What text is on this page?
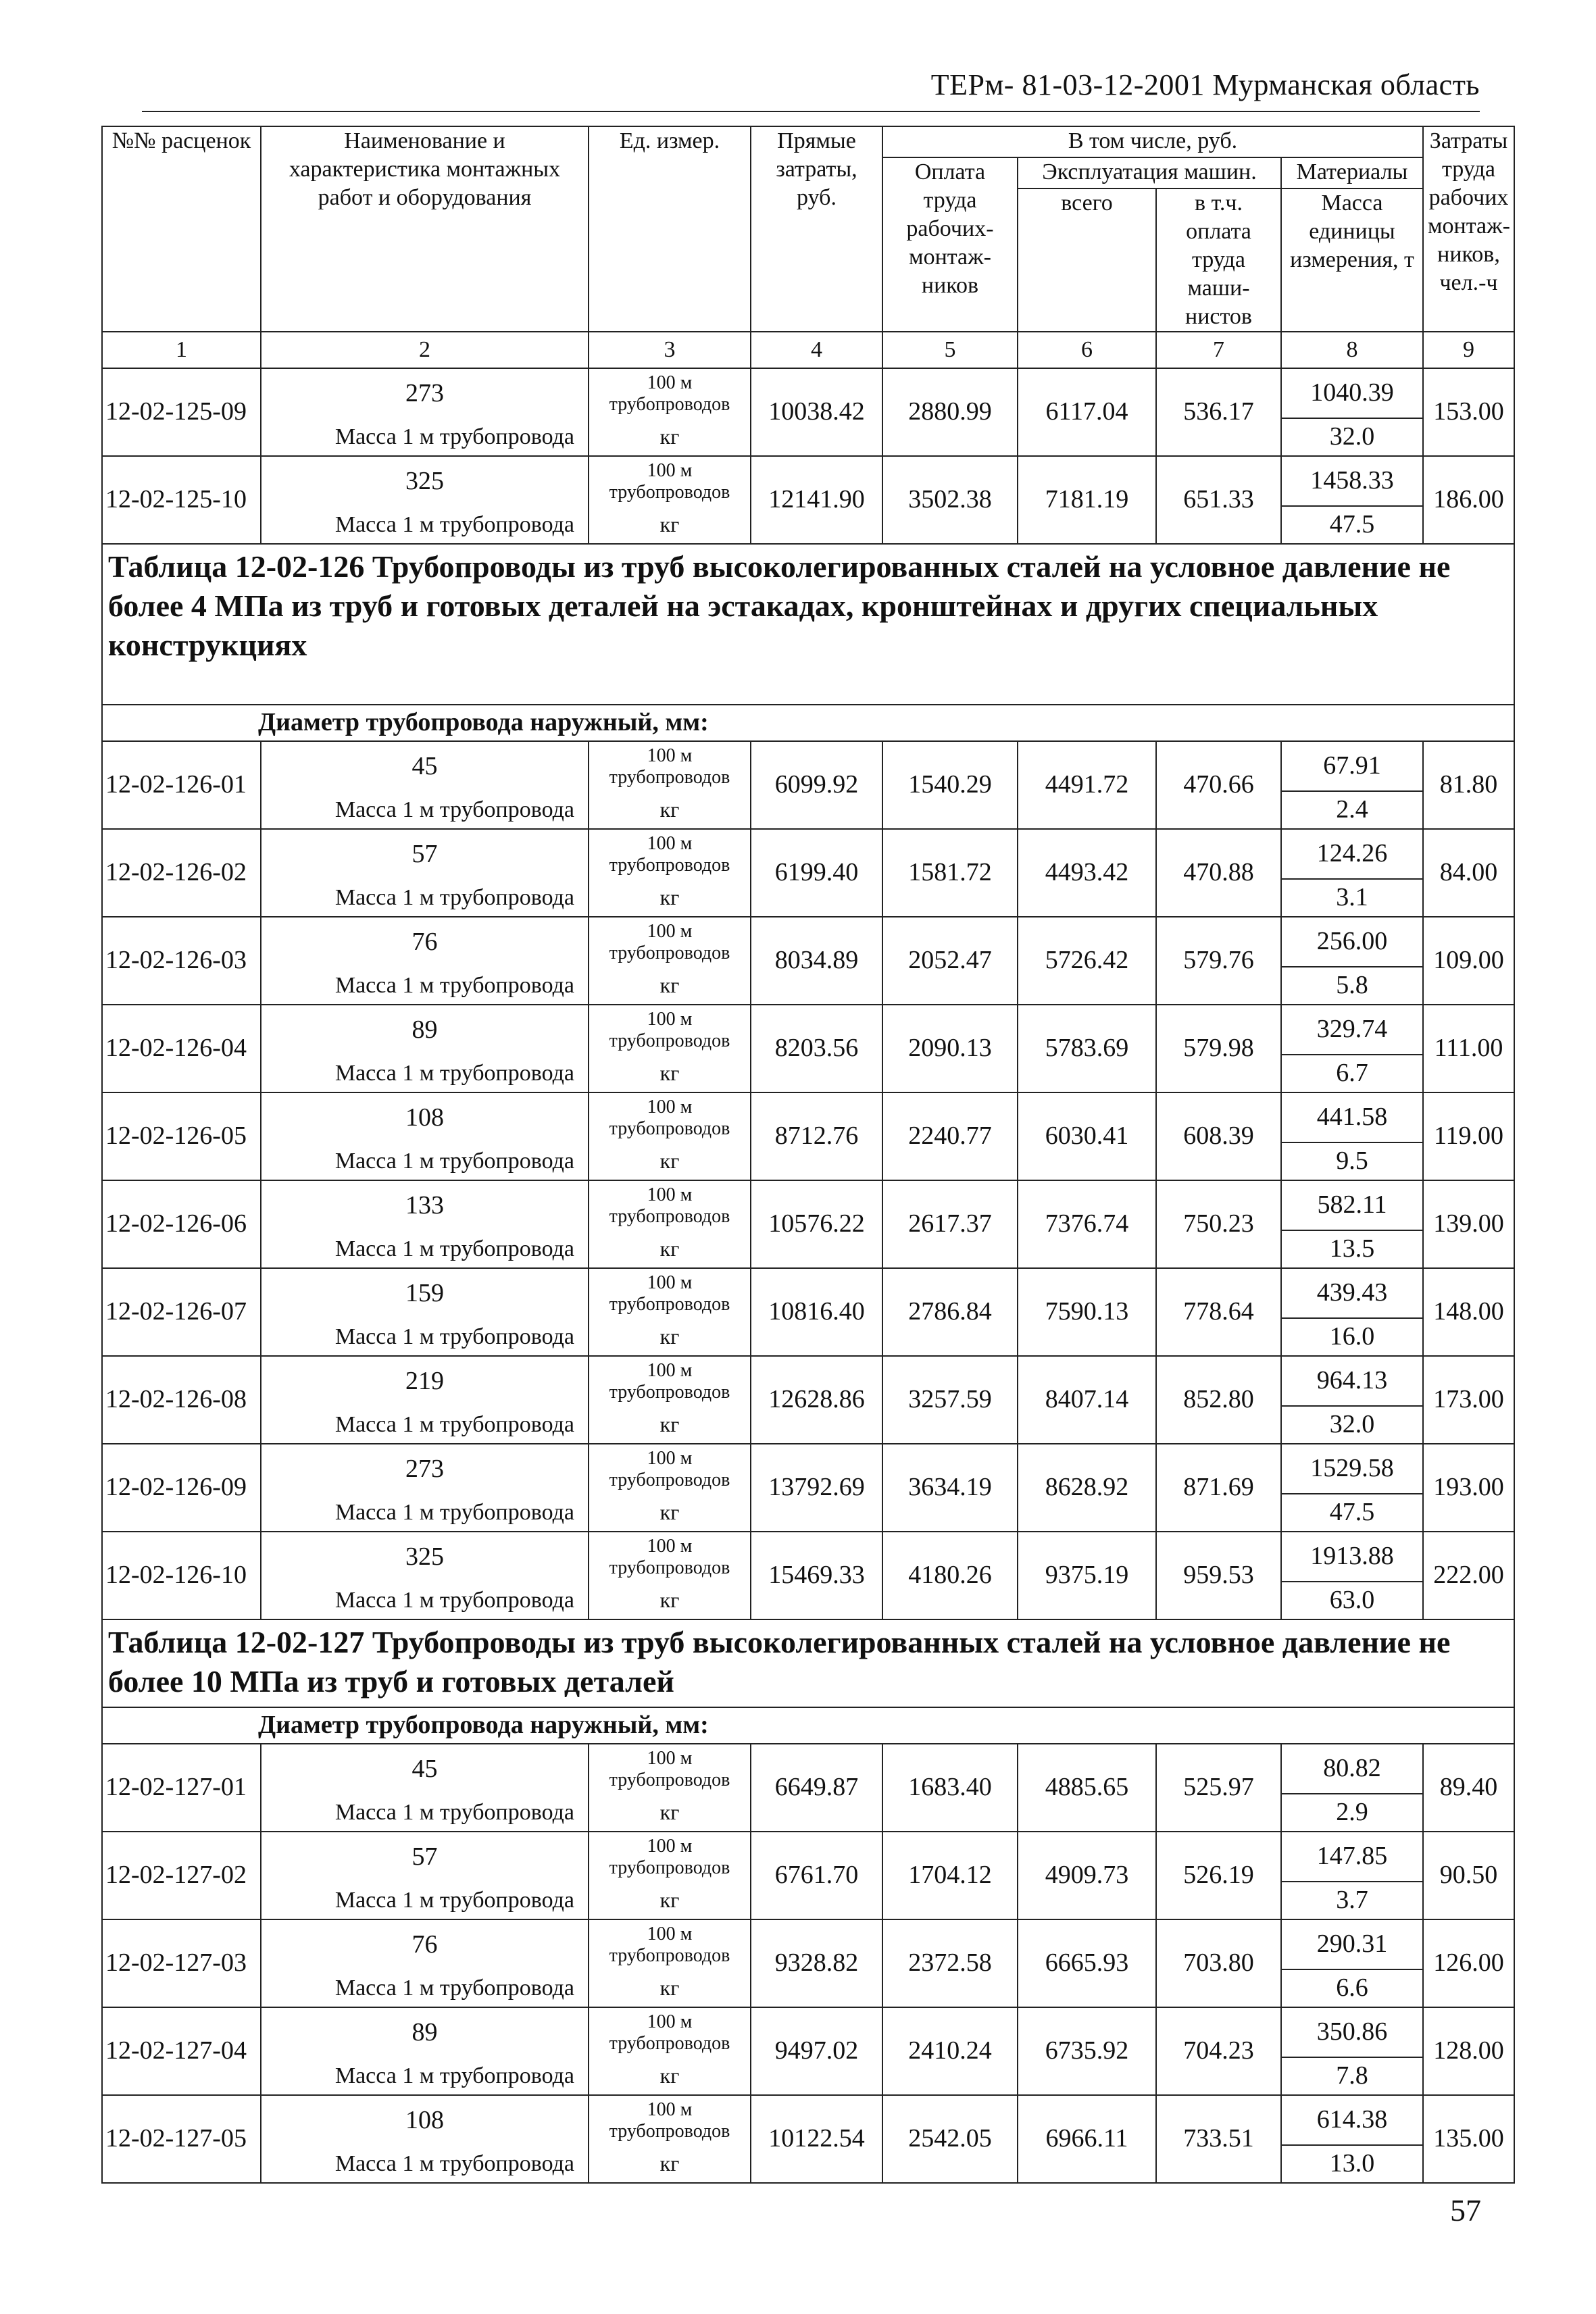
ТЕРм- 81-03-12-2001 Мурманская область
№№ расценок	Наименование и характеристика монтажных работ и оборудования	Ед. измер.	Прямые затраты, руб.	В том числе, руб.				Затраты труда рабочих монтаж-ников, чел.-ч
				Оплата труда рабочих-монтаж-ников	Эксплуатация машин.		Материалы	
					всего	в т.ч. оплата труда маши-нистов	Масса единицы измерения, т	
1	2	3	4	5	6	7	8	9
12-02-125-09	273	100 м трубопроводов	10038.42	2880.99	6117.04	536.17	1040.39	153.00
	Масса 1 м трубопровода	кг					32.0	
12-02-125-10	325	100 м трубопроводов	12141.90	3502.38	7181.19	651.33	1458.33	186.00
	Масса 1 м трубопровода	кг					47.5	
Таблица 12-02-126 Трубопроводы из труб высоколегированных сталей на условное давление не более 4 МПа из труб и готовых деталей на эстакадах, кронштейнах и других специальных конструкциях								
Диаметр трубопровода наружный, мм:								
12-02-126-01	45	100 м трубопроводов	6099.92	1540.29	4491.72	470.66	67.91	81.80
	Масса 1 м трубопровода	кг					2.4	
12-02-126-02	57	100 м трубопроводов	6199.40	1581.72	4493.42	470.88	124.26	84.00
	Масса 1 м трубопровода	кг					3.1	
12-02-126-03	76	100 м трубопроводов	8034.89	2052.47	5726.42	579.76	256.00	109.00
	Масса 1 м трубопровода	кг					5.8	
12-02-126-04	89	100 м трубопроводов	8203.56	2090.13	5783.69	579.98	329.74	111.00
	Масса 1 м трубопровода	кг					6.7	
12-02-126-05	108	100 м трубопроводов	8712.76	2240.77	6030.41	608.39	441.58	119.00
	Масса 1 м трубопровода	кг					9.5	
12-02-126-06	133	100 м трубопроводов	10576.22	2617.37	7376.74	750.23	582.11	139.00
	Масса 1 м трубопровода	кг					13.5	
12-02-126-07	159	100 м трубопроводов	10816.40	2786.84	7590.13	778.64	439.43	148.00
	Масса 1 м трубопровода	кг					16.0	
12-02-126-08	219	100 м трубопроводов	12628.86	3257.59	8407.14	852.80	964.13	173.00
	Масса 1 м трубопровода	кг					32.0	
12-02-126-09	273	100 м трубопроводов	13792.69	3634.19	8628.92	871.69	1529.58	193.00
	Масса 1 м трубопровода	кг					47.5	
12-02-126-10	325	100 м трубопроводов	15469.33	4180.26	9375.19	959.53	1913.88	222.00
	Масса 1 м трубопровода	кг					63.0	
Таблица 12-02-127 Трубопроводы из труб высоколегированных сталей на условное давление не более 10 МПа из труб и готовых деталей								
Диаметр трубопровода наружный, мм:								
12-02-127-01	45	100 м трубопроводов	6649.87	1683.40	4885.65	525.97	80.82	89.40
	Масса 1 м трубопровода	кг					2.9	
12-02-127-02	57	100 м трубопроводов	6761.70	1704.12	4909.73	526.19	147.85	90.50
	Масса 1 м трубопровода	кг					3.7	
12-02-127-03	76	100 м трубопроводов	9328.82	2372.58	6665.93	703.80	290.31	126.00
	Масса 1 м трубопровода	кг					6.6	
12-02-127-04	89	100 м трубопроводов	9497.02	2410.24	6735.92	704.23	350.86	128.00
	Масса 1 м трубопровода	кг					7.8	
12-02-127-05	108	100 м трубопроводов	10122.54	2542.05	6966.11	733.51	614.38	135.00
	Масса 1 м трубопровода	кг					13.0	
57
